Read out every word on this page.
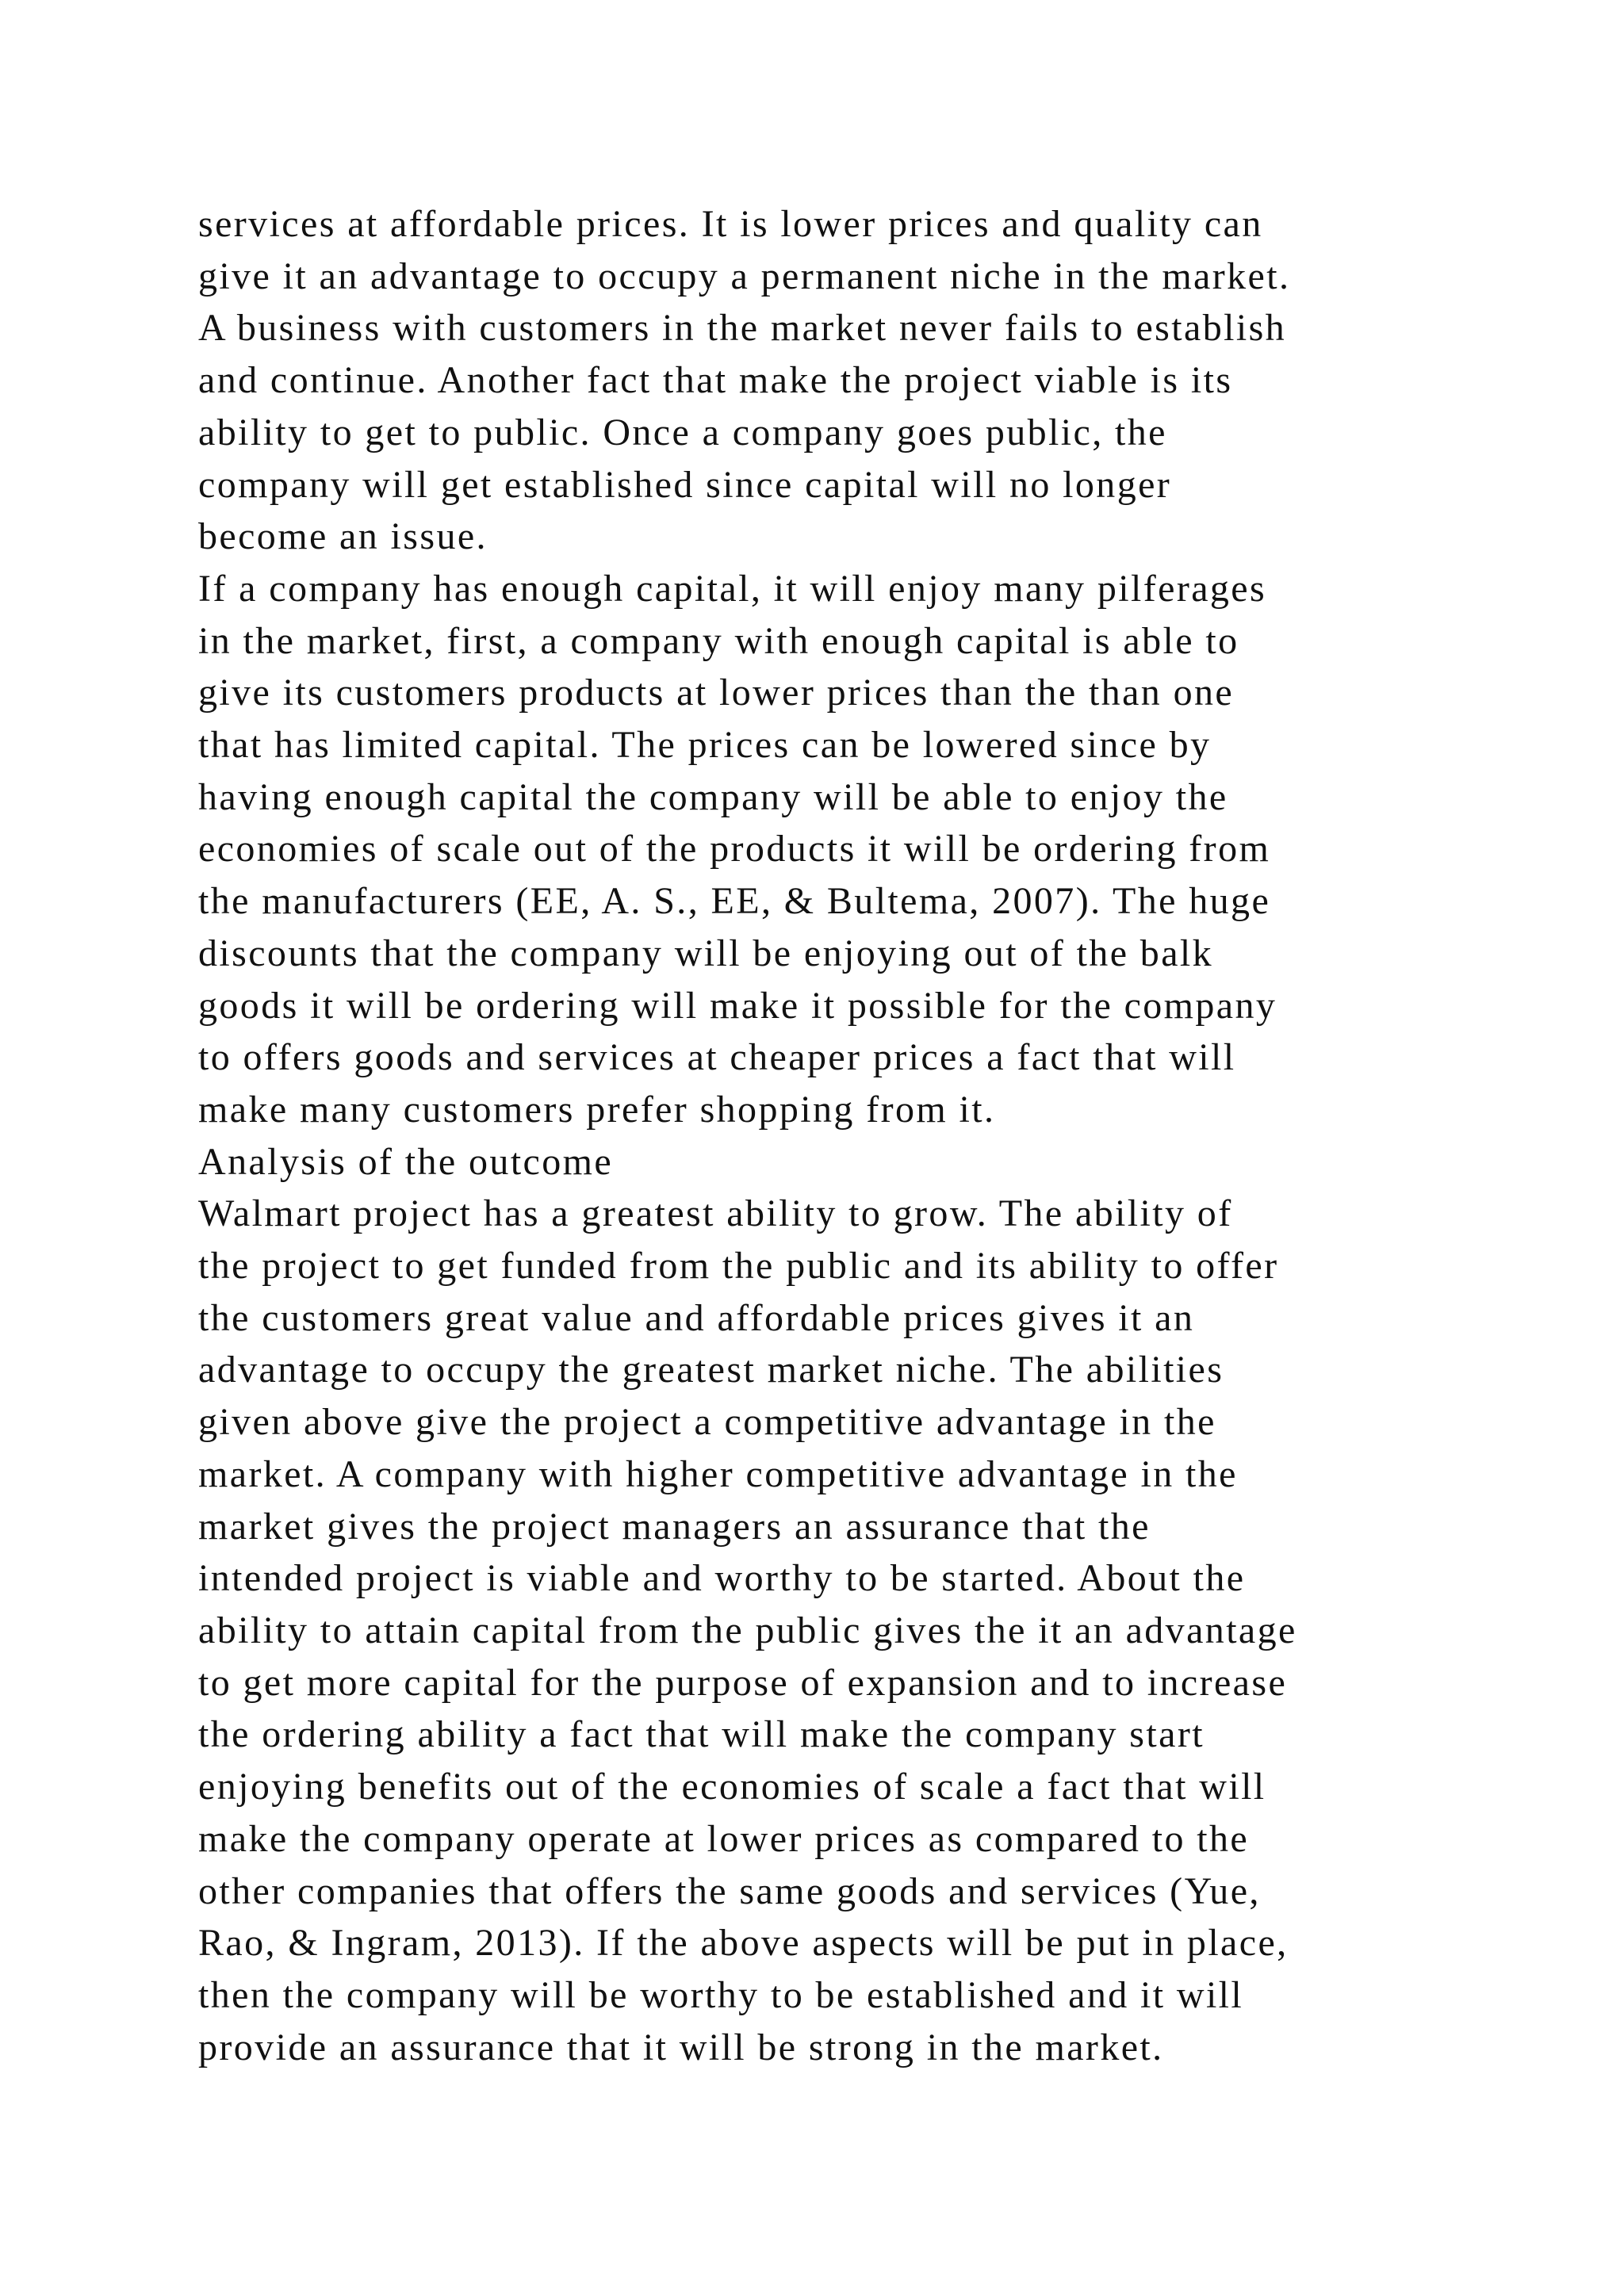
services at affordable prices. It is lower prices and quality can
give it an advantage to occupy a permanent niche in the market.
A business with customers in the market never fails to establish
and continue. Another fact that make the project viable is its
ability to get to public. Once a company goes public, the
company will get established since capital will no longer
become an issue.
If a company has enough capital, it will enjoy many pilferages
in the market, first, a company with enough capital is able to
give its customers products at lower prices than the than one
that has limited capital. The prices can be lowered since by
having enough capital the company will be able to enjoy the
economies of scale out of the products it will be ordering from
the manufacturers (EE, A. S., EE, & Bultema, 2007). The huge
discounts that the company will be enjoying out of the balk
goods it will be ordering will make it possible for the company
to offers goods and services at cheaper prices a fact that will
make many customers prefer shopping from it.
Analysis of the outcome
Walmart project has a greatest ability to grow. The ability of
the project to get funded from the public and its ability to offer
the customers great value and affordable prices gives it an
advantage to occupy the greatest market niche. The abilities
given above give the project a competitive advantage in the
market. A company with higher competitive advantage in the
market gives the project managers an assurance that the
intended project is viable and worthy to be started. About the
ability to attain capital from the public gives the it an advantage
to get more capital for the purpose of expansion and to increase
the ordering ability a fact that will make the company start
enjoying benefits out of the economies of scale a fact that will
make the company operate at lower prices as compared to the
other companies that offers the same goods and services (Yue,
Rao, & Ingram, 2013). If the above aspects will be put in place,
then the company will be worthy to be established and it will
provide an assurance that it will be strong in the market.
